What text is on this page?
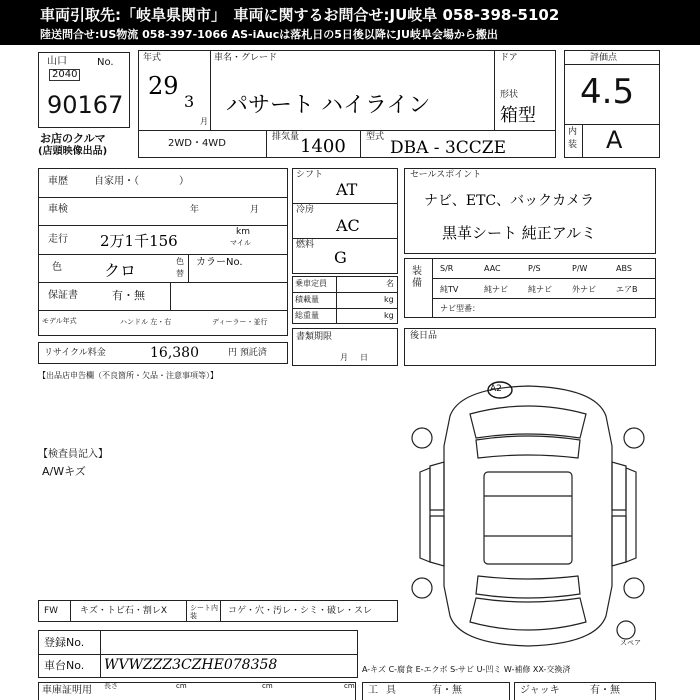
車両引取先:「岐阜県関市」　車両に関するお問合せ:JU岐阜 058-398-5102
陸送問合せ:US物流 058-397-1066 AS-iAucは落札日の5日後以降にJU岐阜会場から搬出
山口	No.
2040
90167
お店のクルマ
(店頭映像出品)
年式
29
3
月
車名・グレード
パサート ハイライン
ドア
形状
箱型
2WD・4WD
排気量 1400 型式
DBA - 3CCZE
評価点
4.5
内
装 A
車歴	自家用・（　　　　）
車検	年	月
走行 2万1千156	km
マイル
色	クロ	色
替
カラーNo.
保証書	有・無
モデル年式	ハンドル 左・右	ディーラー・並行
リサイクル料金	16,380	円 預託済
シフト
AT
冷房
AC
燃料
G
乗車定員	名
積載量	kg
総重量	kg
書類期限
月日
セールスポイント
ナビ、ETC、バックカメラ
黒革シート 純正アルミ
装備
ナビ型番：
後日品
【出品店申告欄（不良箇所・欠品・注意事項等）】
【検査員記入】
A/Wキズ
A2
スペア
FW キズ・トビ石・割レX	シート内装	コゲ・穴・汚レ・シミ・破レ・スレ
登録No.
車台No. WVWZZZ3CZHE078358	A-キズ C-腐食 E-エクボ S-サビ U-凹ミ W-補修 XX-交換済
車庫証明用 長さ	cm	cm	cm 工具	有・無	ジャッキ	有・無
S/R	AAC	P/S	P/W	ABS
純TV	純ナビ	純ナビ	外ナビ	エアB
